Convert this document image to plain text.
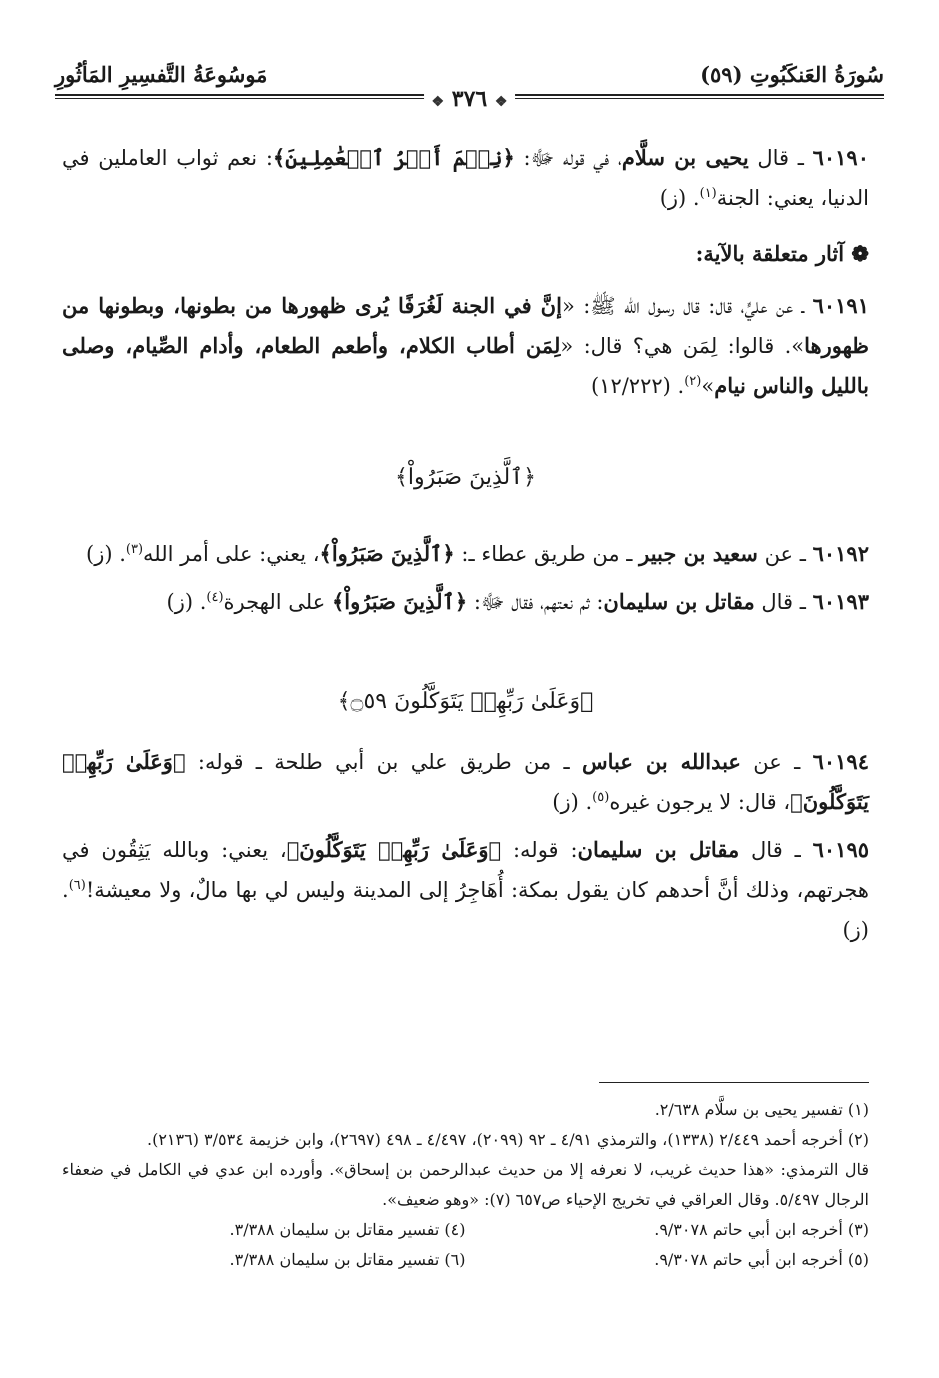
سُورَةُ العَنكَبُوتِ (٥٩)
مَوسُوعَةُ التَّفسِيرِ المَأثُورِ
❖ ٣٧٦ ❖

٦٠١٩٠ ـ قال يحيى بن سلَّام، في قوله ﷻ: ﴿نِعۡمَ أَجۡرُ ٱلۡعَٰمِلِينَ﴾: نعم ثواب العاملين في الدنيا، يعني: الجنة$^{(١)}$. (ز)

❁ آثار متعلقة بالآية:

٦٠١٩١ ـ عن عليٍّ، قال: قال رسول الله ﷺ: «إنَّ في الجنة لَغُرَفًا يُرى ظهورها من بطونها، وبطونها من ظهورها». قالوا: لِمَن هي؟ قال: «لِمَن أطاب الكلام، وأطعم الطعام، وأدام الصِّيام، وصلى بالليل والناس نيام»$^{(٢)}$. (١٢/٢٢٢)

﴿ٱلَّذِينَ صَبَرُواْ﴾

٦٠١٩٢ ـ عن سعيد بن جبير ـ من طريق عطاء ـ: ﴿ٱلَّذِينَ صَبَرُواْ﴾، يعني: على أمر الله$^{(٣)}$. (ز)

٦٠١٩٣ ـ قال مقاتل بن سليمان: ثم نعتهم، فقال ﷻ: ﴿ٱلَّذِينَ صَبَرُواْ﴾ على الهجرة$^{(٤)}$. (ز)

﴿وَعَلَىٰ رَبِّهِمۡ يَتَوَكَّلُونَ ۝٥٩﴾

٦٠١٩٤ ـ عن عبدالله بن عباس ـ من طريق علي بن أبي طلحة ـ قوله: ﴿وَعَلَىٰ رَبِّهِمۡ يَتَوَكَّلُونَ﴾، قال: لا يرجون غيره$^{(٥)}$. (ز)

٦٠١٩٥ ـ قال مقاتل بن سليمان: قوله: ﴿وَعَلَىٰ رَبِّهِمۡ يَتَوَكَّلُونَ﴾، يعني: وبالله يَثِقُون في هجرتهم، وذلك أنَّ أحدهم كان يقول بمكة: أُهَاجِرُ إلى المدينة وليس لي بها مالٌ، ولا معيشة!$^{(٦)}$. (ز)

(١) تفسير يحيى بن سلَّام ٢/٦٣٨.

(٢) أخرجه أحمد ٢/٤٤٩ (١٣٣٨)، والترمذي ٤/٩١ ـ ٩٢ (٢٠٩٩)، ٤/٤٩٧ ـ ٤٩٨ (٢٦٩٧)، وابن خزيمة ٣/٥٣٤ (٢١٣٦).

قال الترمذي: «هذا حديث غريب، لا نعرفه إلا من حديث عبدالرحمن بن إسحاق». وأورده ابن عدي في الكامل في ضعفاء الرجال ٥/٤٩٧. وقال العراقي في تخريج الإحياء ص٦٥٧ (٧): «وهو ضعيف».

(٣) أخرجه ابن أبي حاتم ٩/٣٠٧٨.

(٤) تفسير مقاتل بن سليمان ٣/٣٨٨.

(٥) أخرجه ابن أبي حاتم ٩/٣٠٧٨.

(٦) تفسير مقاتل بن سليمان ٣/٣٨٨.
